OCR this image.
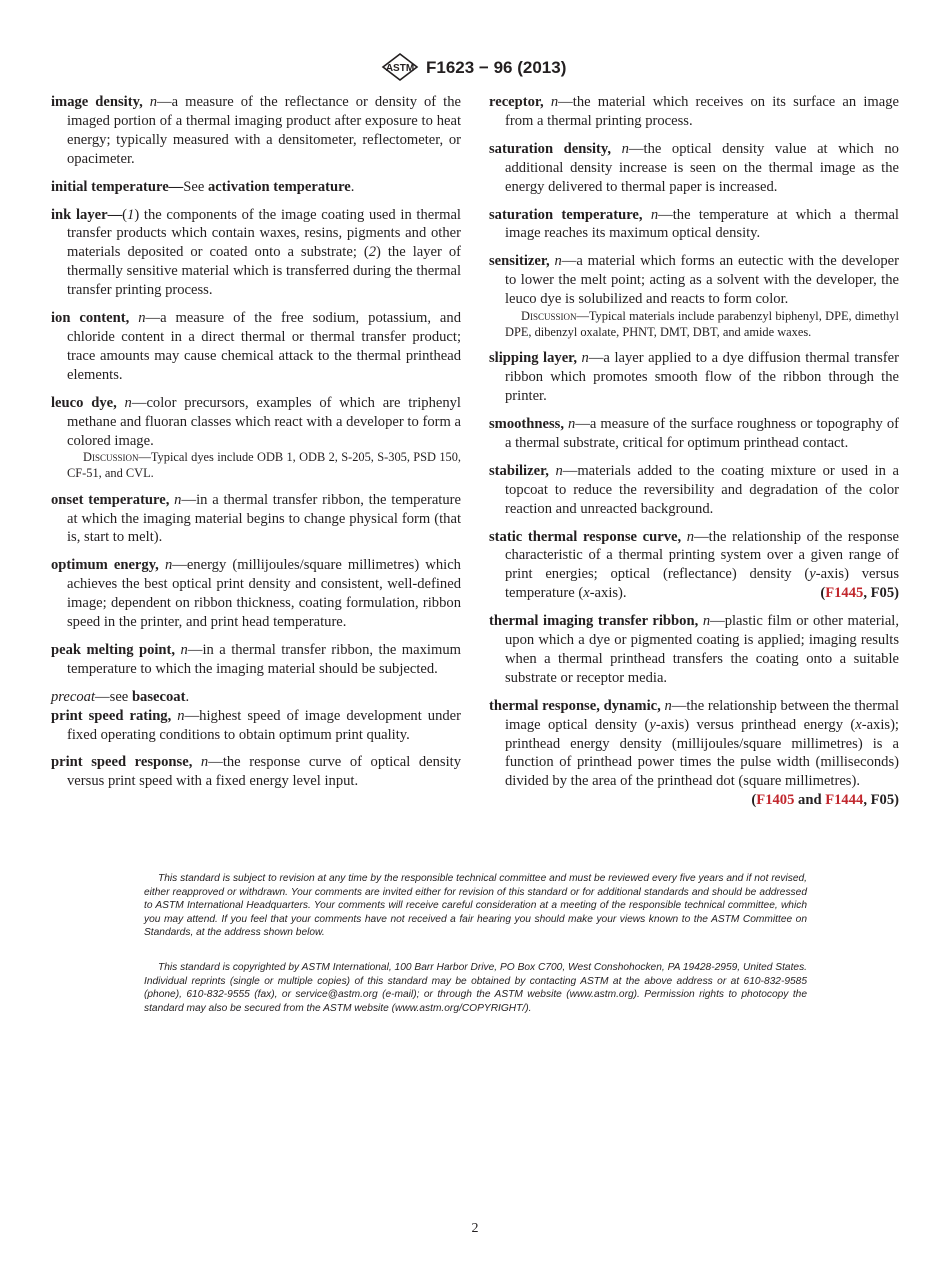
ASTM F1623 − 96 (2013)

image density, n—a measure of the reflectance or density of the imaged portion of a thermal imaging product after exposure to heat energy; typically measured with a densitometer, reflectometer, or opacimeter.

initial temperature—See activation temperature.

ink layer—(1) the components of the image coating used in thermal transfer products which contain waxes, resins, pigments and other materials deposited or coated onto a substrate; (2) the layer of thermally sensitive material which is transferred during the thermal transfer printing process.

ion content, n—a measure of the free sodium, potassium, and chloride content in a direct thermal or thermal transfer product; trace amounts may cause chemical attack to the thermal printhead elements.

leuco dye, n—color precursors, examples of which are triphenyl methane and fluoran classes which react with a developer to form a colored image.
Discussion—Typical dyes include ODB 1, ODB 2, S-205, S-305, PSD 150, CF-51, and CVL.

onset temperature, n—in a thermal transfer ribbon, the temperature at which the imaging material begins to change physical form (that is, start to melt).

optimum energy, n—energy (millijoules/square millimetres) which achieves the best optical print density and consistent, well-defined image; dependent on ribbon thickness, coating formulation, ribbon speed in the printer, and print head temperature.

peak melting point, n—in a thermal transfer ribbon, the maximum temperature to which the imaging material should be subjected.

precoat—see basecoat.

print speed rating, n—highest speed of image development under fixed operating conditions to obtain optimum print quality.

print speed response, n—the response curve of optical density versus print speed with a fixed energy level input.

receptor, n—the material which receives on its surface an image from a thermal printing process.

saturation density, n—the optical density value at which no additional density increase is seen on the thermal image as the energy delivered to thermal paper is increased.

saturation temperature, n—the temperature at which a thermal image reaches its maximum optical density.

sensitizer, n—a material which forms an eutectic with the developer to lower the melt point; acting as a solvent with the developer, the leuco dye is solubilized and reacts to form color.
Discussion—Typical materials include parabenzyl biphenyl, DPE, dimethyl DPE, dibenzyl oxalate, PHNT, DMT, DBT, and amide waxes.

slipping layer, n—a layer applied to a dye diffusion thermal transfer ribbon which promotes smooth flow of the ribbon through the printer.

smoothness, n—a measure of the surface roughness or topography of a thermal substrate, critical for optimum printhead contact.

stabilizer, n—materials added to the coating mixture or used in a topcoat to reduce the reversibility and degradation of the color reaction and unreacted background.

static thermal response curve, n—the relationship of the response characteristic of a thermal printing system over a given range of print energies; optical (reflectance) density (y-axis) versus temperature (x-axis).	(F1445, F05)

thermal imaging transfer ribbon, n—plastic film or other material, upon which a dye or pigmented coating is applied; imaging results when a thermal printhead transfers the coating onto a suitable substrate or receptor media.

thermal response, dynamic, n—the relationship between the thermal image optical density (y-axis) versus printhead energy (x-axis); printhead energy density (millijoules/square millimetres) is a function of printhead power times the pulse width (milliseconds) divided by the area of the printhead dot (square millimetres).
(F1405 and F1444, F05)

This standard is subject to revision at any time by the responsible technical committee and must be reviewed every five years and if not revised, either reapproved or withdrawn. Your comments are invited either for revision of this standard or for additional standards and should be addressed to ASTM International Headquarters. Your comments will receive careful consideration at a meeting of the responsible technical committee, which you may attend. If you feel that your comments have not received a fair hearing you should make your views known to the ASTM Committee on Standards, at the address shown below.

This standard is copyrighted by ASTM International, 100 Barr Harbor Drive, PO Box C700, West Conshohocken, PA 19428-2959, United States. Individual reprints (single or multiple copies) of this standard may be obtained by contacting ASTM at the above address or at 610-832-9585 (phone), 610-832-9555 (fax), or service@astm.org (e-mail); or through the ASTM website (www.astm.org). Permission rights to photocopy the standard may also be secured from the ASTM website (www.astm.org/COPYRIGHT/).

2
